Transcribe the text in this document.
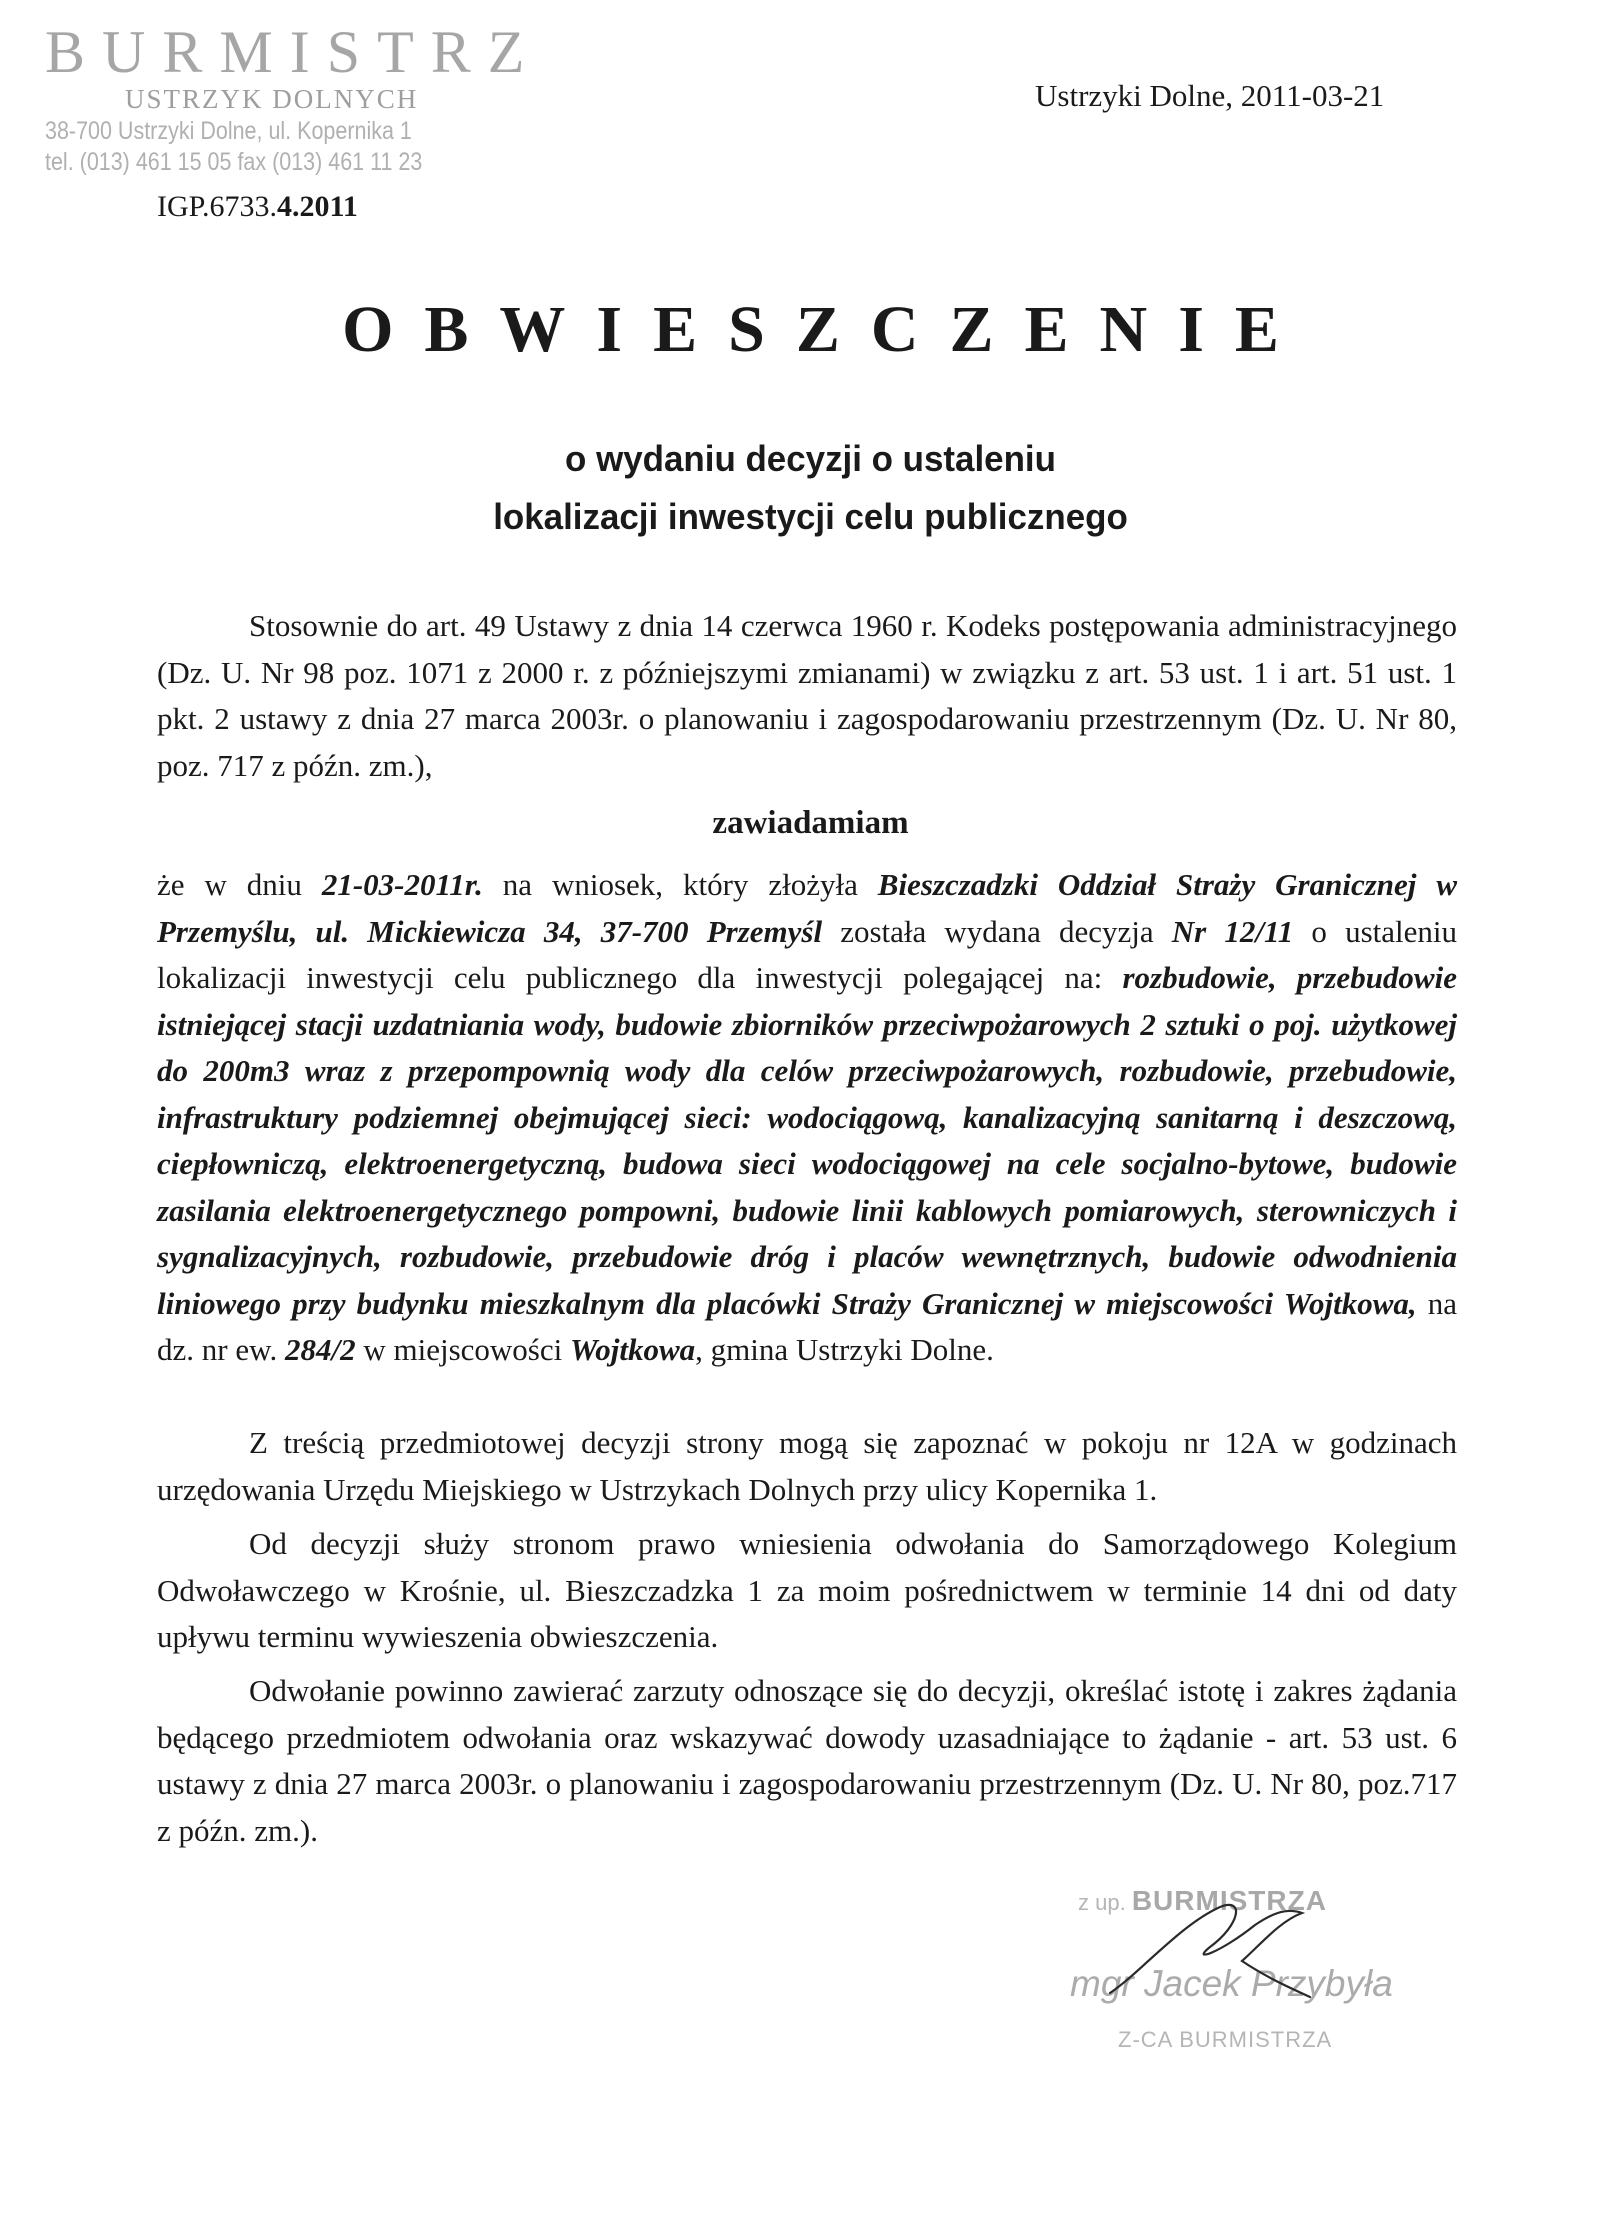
BURMISTRZ
USTRZYK DOLNYCH
38-700 Ustrzyki Dolne, ul. Kopernika 1
tel. (013) 461 15 05 fax (013) 461 11 23
Ustrzyki Dolne, 2011-03-21
IGP.6733.4.2011
OBWIESZCZENIE
o wydaniu decyzji o ustaleniu
lokalizacji inwestycji celu publicznego

Stosownie do art. 49 Ustawy z dnia 14 czerwca 1960 r. Kodeks postępowania administracyjnego (Dz. U. Nr 98 poz. 1071 z 2000 r. z późniejszymi zmianami) w związku z art. 53 ust. 1 i art. 51 ust. 1 pkt. 2 ustawy z dnia 27 marca 2003r. o planowaniu i zagospodarowaniu przestrzennym (Dz. U. Nr 80, poz. 717 z późn. zm.),

zawiadamiam

że w dniu 21-03-2011r. na wniosek, który złożyła Bieszczadzki Oddział Straży Granicznej w Przemyślu, ul. Mickiewicza 34, 37-700 Przemyśl została wydana decyzja Nr 12/11 o ustaleniu lokalizacji inwestycji celu publicznego dla inwestycji polegającej na: rozbudowie, przebudowie istniejącej stacji uzdatniania wody, budowie zbiorników przeciwpożarowych 2 sztuki o poj. użytkowej do 200m3 wraz z przepompownią wody dla celów przeciwpożarowych, rozbudowie, przebudowie, infrastruktury podziemnej obejmującej sieci: wodociągową, kanalizacyjną sanitarną i deszczową, ciepłowniczą, elektroenergetyczną, budowa sieci wodociągowej na cele socjalno-bytowe, budowie zasilania elektroenergetycznego pompowni, budowie linii kablowych pomiarowych, sterowniczych i sygnalizacyjnych, rozbudowie, przebudowie dróg i placów wewnętrznych, budowie odwodnienia liniowego przy budynku mieszkalnym dla placówki Straży Granicznej w miejscowości Wojtkowa, na dz. nr ew. 284/2 w miejscowości Wojtkowa, gmina Ustrzyki Dolne.

Z treścią przedmiotowej decyzji strony mogą się zapoznać w pokoju nr 12A w godzinach urzędowania Urzędu Miejskiego w Ustrzykach Dolnych przy ulicy Kopernika 1.

Od decyzji służy stronom prawo wniesienia odwołania do Samorządowego Kolegium Odwoławczego w Krośnie, ul. Bieszczadzka 1 za moim pośrednictwem w terminie 14 dni od daty upływu terminu wywieszenia obwieszczenia.

Odwołanie powinno zawierać zarzuty odnoszące się do decyzji, określać istotę i zakres żądania będącego przedmiotem odwołania oraz wskazywać dowody uzasadniające to żądanie - art. 53 ust. 6 ustawy z dnia 27 marca 2003r. o planowaniu i zagospodarowaniu przestrzennym (Dz. U. Nr 80, poz.717 z późn. zm.).

z up. BURMISTRZA
mgr Jacek Przybyła
Z-CA BURMISTRZA
